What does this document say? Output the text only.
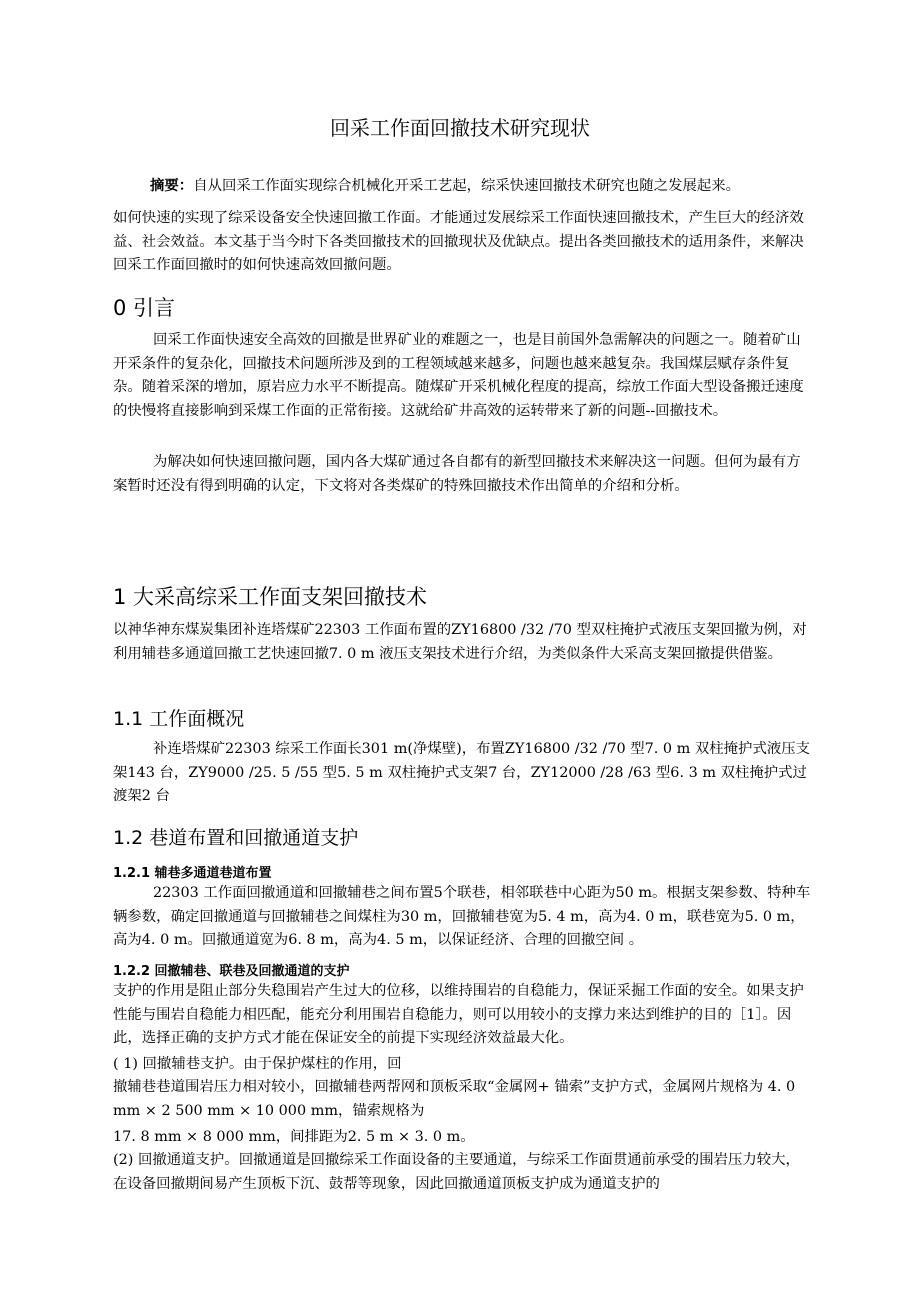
回采工作面回撤技术研究现状
摘要：自从回采工作面实现综合机械化开采工艺起，综采快速回撤技术研究也随之发展起来。

如何快速的实现了综采设备安全快速回撤工作面。才能通过发展综采工作面快速回撤技术，产生巨大的经济效益、社会效益。本文基于当今时下各类回撤技术的回撤现状及优缺点。提出各类回撤技术的适用条件，来解决回采工作面回撤时的如何快速高效回撤问题。

0 引言

回采工作面快速安全高效的回撤是世界矿业的难题之一，也是目前国外急需解决的问题之一。随着矿山开采条件的复杂化，回撤技术问题所涉及到的工程领域越来越多，问题也越来越复杂。我国煤层赋存条件复杂。随着采深的增加，原岩应力水平不断提高。随煤矿开采机械化程度的提高，综放工作面大型设备搬迁速度的快慢将直接影响到采煤工作面的正常衔接。这就给矿井高效的运转带来了新的问题--回撤技术。

为解决如何快速回撤问题，国内各大煤矿通过各自都有的新型回撤技术来解决这一问题。但何为最有方案暂时还没有得到明确的认定，下文将对各类煤矿的特殊回撤技术作出简单的介绍和分析。

1 大采高综采工作面支架回撤技术

以神华神东煤炭集团补连塔煤矿22303 工作面布置的ZY16800 /32 /70 型双柱掩护式液压支架回撤为例，对利用辅巷多通道回撤工艺快速回撤7. 0 m 液压支架技术进行介绍，为类似条件大采高支架回撤提供借鉴。

1.1 工作面概况

补连塔煤矿22303 综采工作面长301 m(净煤壁)，布置ZY16800 /32 /70 型7. 0 m 双柱掩护式液压支架143 台，ZY9000 /25. 5 /55 型5. 5 m 双柱掩护式支架7 台，ZY12000 /28 /63 型6. 3 m 双柱掩护式过渡架2 台

1.2 巷道布置和回撤通道支护
1.2.1 辅巷多通道巷道布置

22303 工作面回撤通道和回撤辅巷之间布置5个联巷，相邻联巷中心距为50 m。根据支架参数、特种车辆参数，确定回撤通道与回撤辅巷之间煤柱为30 m，回撤辅巷宽为5. 4 m，高为4. 0 m，联巷宽为5. 0 m，高为4. 0 m。回撤通道宽为6. 8 m，高为4. 5 m，以保证经济、合理的回撤空间 。

1.2.2 回撤辅巷、联巷及回撤通道的支护

支护的作用是阻止部分失稳围岩产生过大的位移，以维持围岩的自稳能力，保证采掘工作面的安全。如果支护性能与围岩自稳能力相匹配，能充分利用围岩自稳能力，则可以用较小的支撑力来达到维护的目的［1］。因此，选择正确的支护方式才能在保证安全的前提下实现经济效益最大化。

( 1) 回撤辅巷支护。由于保护煤柱的作用，回

撤辅巷巷道围岩压力相对较小，回撤辅巷两帮网和顶板采取“金属网+ 锚索”支护方式，金属网片规格为 4. 0 mm × 2 500 mm × 10 000 mm，锚索规格为

17. 8 mm × 8 000 mm，间排距为2. 5 m × 3. 0 m。

(2) 回撤通道支护。回撤通道是回撤综采工作面设备的主要通道，与综采工作面贯通前承受的围岩压力较大，在设备回撤期间易产生顶板下沉、鼓帮等现象，因此回撤通道顶板支护成为通道支护的
